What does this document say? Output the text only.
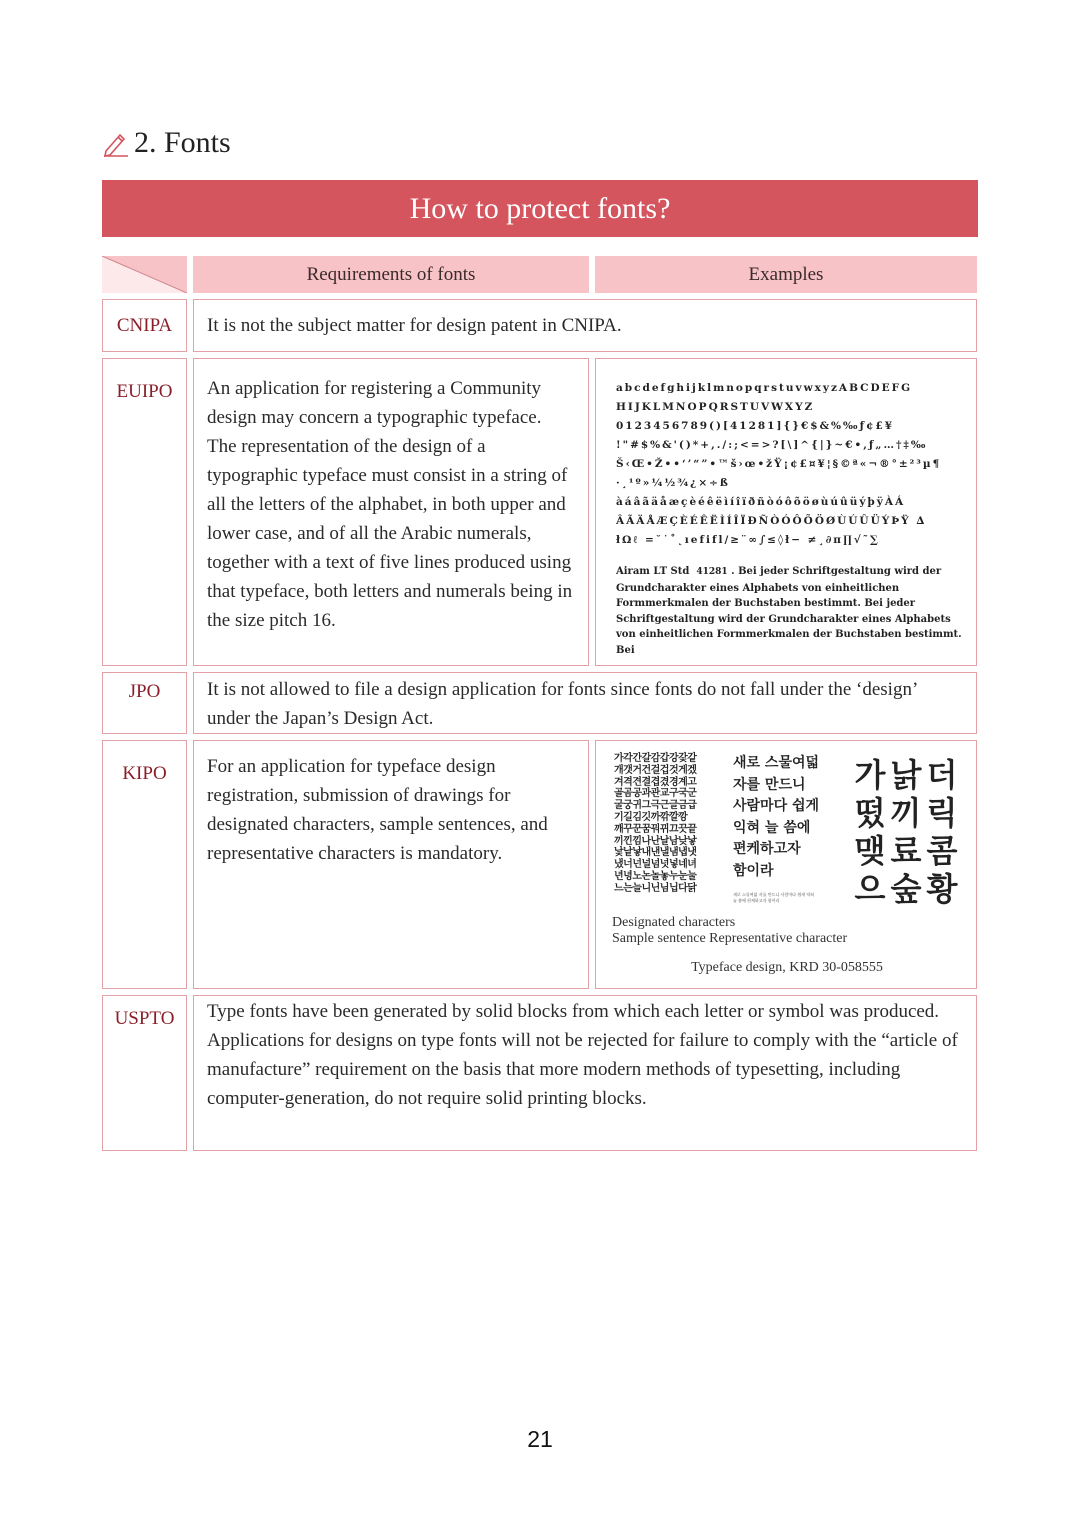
2. Fonts
How to protect fonts?
Requirements of fonts	Examples
CNIPA It is not the subject matter for design patent in CNIPA.
EUIPO	An application for registering a Community design may concern a typographic typeface. The representation of the design of a typographic typeface must consist in a string of all the letters of the alphabet, in both upper and lower case, and of all the Arabic numerals, together with a text of five lines produced using that typeface, both letters and numerals being in the size pitch 16.
abcdefghijklmnopqrstuvwxyzABCDEFG
HIJKLMNOPQRSTUVWXYZ
0123456789()[41281]{}€$&%‰ƒ¢£¥
!"#$%&'()*+,./:;<=>?[\]^{|}~€•,ƒ„…†‡‰
Š‹Œ•Ž••‘’“”•™š›œ•žŸ¡¢£¤¥¦§©ª«¬®°±²³µ¶
·¸¹º»¼½¾¿×÷ß
àáâãäåæçèéêëìíîïðñòóôõöøùúûüýþÿÀÁ
ÂÃÄÅÆÇÈÉÊËÌÍÎÏÐÑÒÓÔÕÖØÙÚÛÜÝÞŸ ∆
łΩℓ =˘˙˚˛ıefifl/≥¨∞∫≤◊ł− ≠¸∂π∏√˜∑
Airam LT Std 41281 . Bei jeder Schriftgestaltung wird der Grundcharakter eines Alphabets von einheitlichen Formmerkmalen der Buchstaben bestimmt. Bei jeder Schriftgestaltung wird der Grundcharakter eines Alphabets von einheitlichen Formmerkmalen der Buchstaben bestimmt. Bei
JPO	It is not allowed to file a design application for fonts since fonts do not fall under the ‘design’ under the Japan’s Design Act.
KIPO	For an application for typeface design registration, submission of drawings for designated characters, sample sentences, and representative characters is mandatory.
가각간갈감갑강갗같
개갯거건걸겁것게겠
겨격견결겹겼경계고
골곰공과관교구국군
굴궁귀그극근글금급
기길김깃까깎깔깡
깨꾸꾼꿈꿔뀌끄끗끝
끼낀낌나난날남낮낳
낯낱낳내낸낼냄냅냇
냈너넌널넘넛넣네녀
년녕노논놀놓누눈눌
느는늘니닌님닙다닭
새로 스물여덟
자를 만드니
사람마다 쉽게
익혀 늘 씀에
편케하고자
함이라
새로 스물여덟 자를 만드니 사람마다 쉽게 익혀
늘 씀에 편케하고자 함이라
가 낡 더
떴 끼 릭
맺 료 콤
으 숲 황
Designated characters
Sample sentence Representative character
Typeface design, KRD 30-058555
USPTO Type fonts have been generated by solid blocks from which each letter or symbol was produced.
Applications for designs on type fonts will not be rejected for failure to comply with the “article of manufacture” requirement on the basis that more modern methods of typesetting, including computer-generation, do not require solid printing blocks.
21
